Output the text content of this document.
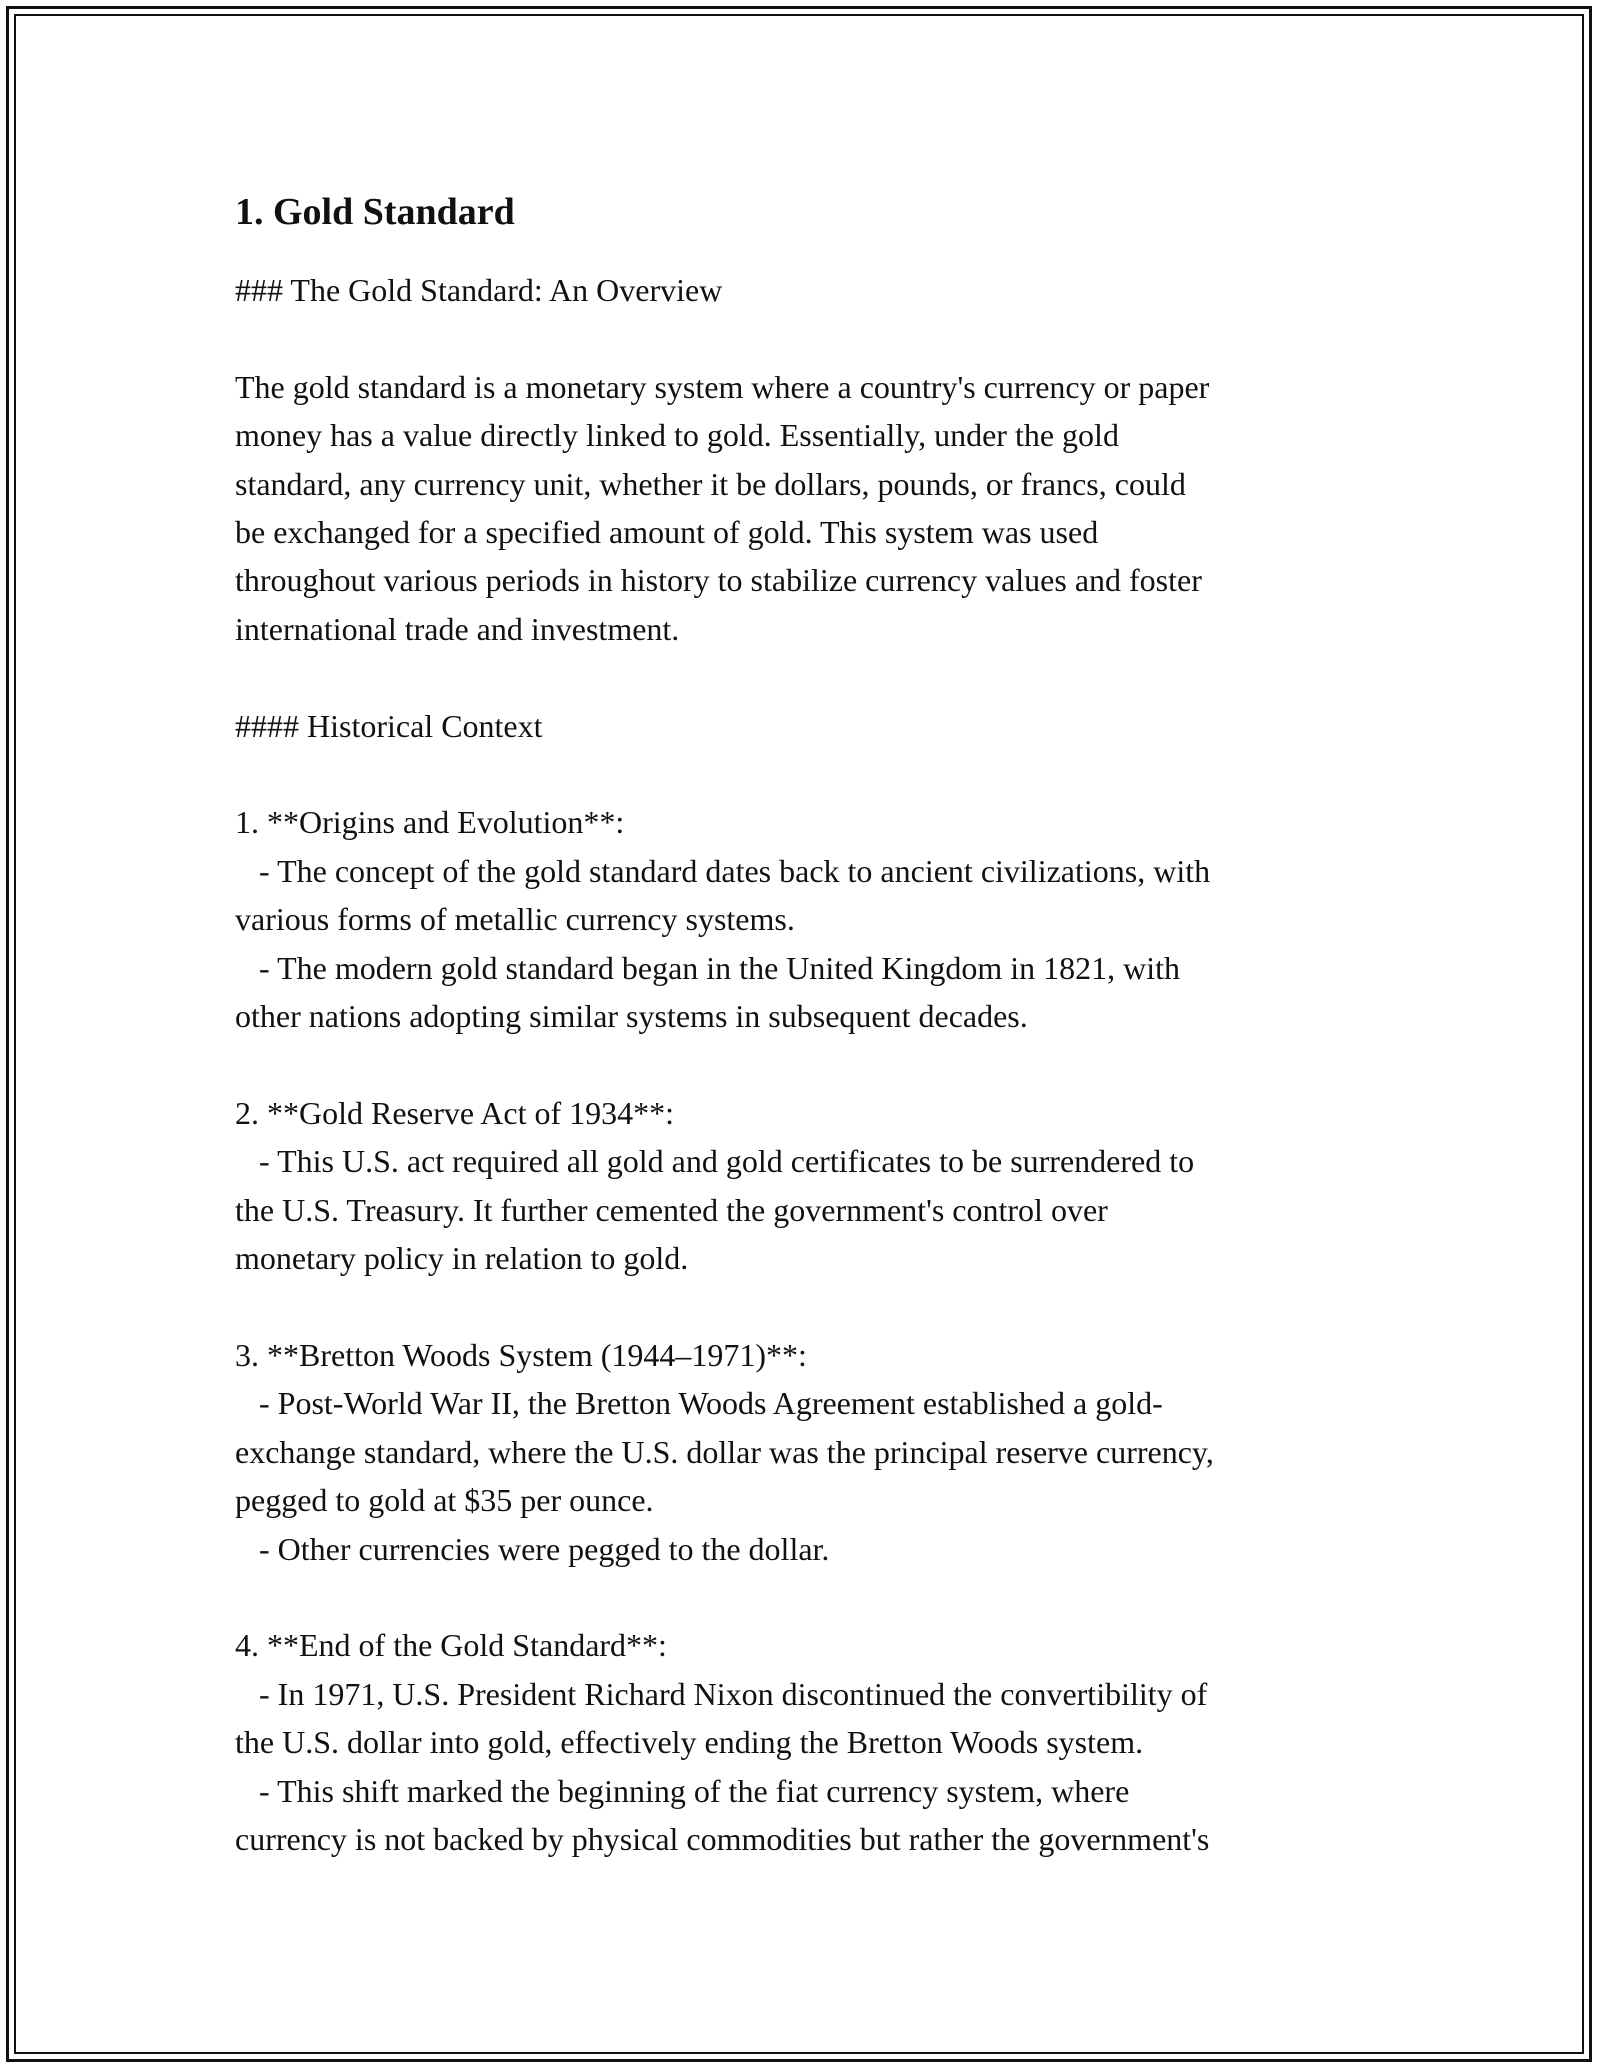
1. Gold Standard
### The Gold Standard: An Overview

The gold standard is a monetary system where a country's currency or paper
money has a value directly linked to gold. Essentially, under the gold
standard, any currency unit, whether it be dollars, pounds, or francs, could
be exchanged for a specified amount of gold. This system was used
throughout various periods in history to stabilize currency values and foster
international trade and investment.

#### Historical Context

1. **Origins and Evolution**:
- The concept of the gold standard dates back to ancient civilizations, with
various forms of metallic currency systems.
- The modern gold standard began in the United Kingdom in 1821, with
other nations adopting similar systems in subsequent decades.

2. **Gold Reserve Act of 1934**:
- This U.S. act required all gold and gold certificates to be surrendered to
the U.S. Treasury. It further cemented the government's control over
monetary policy in relation to gold.

3. **Bretton Woods System (1944–1971)**:
- Post-World War II, the Bretton Woods Agreement established a gold-
exchange standard, where the U.S. dollar was the principal reserve currency,
pegged to gold at $35 per ounce.
- Other currencies were pegged to the dollar.

4. **End of the Gold Standard**:
- In 1971, U.S. President Richard Nixon discontinued the convertibility of
the U.S. dollar into gold, effectively ending the Bretton Woods system.
- This shift marked the beginning of the fiat currency system, where
currency is not backed by physical commodities but rather the government's
